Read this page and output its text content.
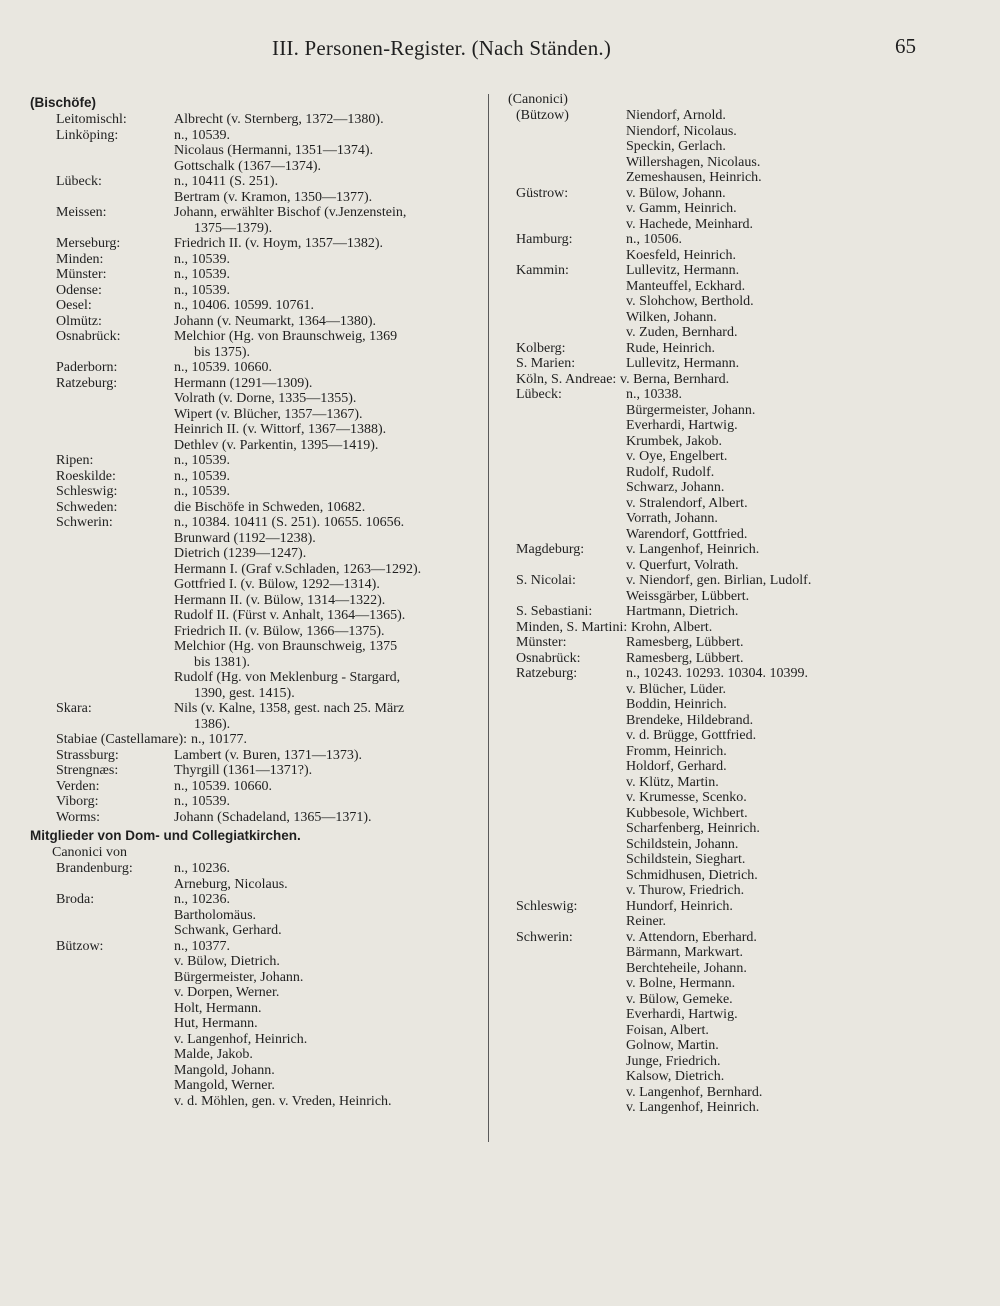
III. Personen-Register. (Nach Ständen.)	65
(Bischöfe)
Leitomischl:	Albrecht (v. Sternberg, 1372—1380).
Linköping:	n., 10539.
Nicolaus (Hermanni, 1351—1374).
Gottschalk (1367—1374).
Lübeck:	n., 10411 (S. 251).
Bertram (v. Kramon, 1350—1377).
Meissen:	Johann, erwählter Bischof (v.Jenzenstein,
1375—1379).
Merseburg:	Friedrich II. (v. Hoym, 1357—1382).
Minden:	n., 10539.
Münster:	n., 10539.
Odense:	n., 10539.
Oesel:	n., 10406. 10599. 10761.
Olmütz:	Johann (v. Neumarkt, 1364—1380).
Osnabrück:	Melchior (Hg. von Braunschweig, 1369
bis 1375).
Paderborn:	n., 10539. 10660.
Ratzeburg:	Hermann (1291—1309).
Volrath (v. Dorne, 1335—1355).
Wipert (v. Blücher, 1357—1367).
Heinrich II. (v. Wittorf, 1367—1388).
Dethlev (v. Parkentin, 1395—1419).
Ripen:	n., 10539.
Roeskilde:	n., 10539.
Schleswig:	n., 10539.
Schweden:	die Bischöfe in Schweden, 10682.
Schwerin:	n., 10384. 10411 (S. 251). 10655. 10656.
Brunward (1192—1238).
Dietrich (1239—1247).
Hermann I. (Graf v.Schladen, 1263—1292).
Gottfried I. (v. Bülow, 1292—1314).
Hermann II. (v. Bülow, 1314—1322).
Rudolf II. (Fürst v. Anhalt, 1364—1365).
Friedrich II. (v. Bülow, 1366—1375).
Melchior (Hg. von Braunschweig, 1375
bis 1381).
Rudolf (Hg. von Meklenburg - Stargard,
1390, gest. 1415).
Skara:	Nils (v. Kalne, 1358, gest. nach 25. März
1386).
Stabiae (Castellamare): n., 10177.
Strassburg:	Lambert (v. Buren, 1371—1373).
Strengnæs:	Thyrgill (1361—1371?).
Verden:	n., 10539. 10660.
Viborg:	n., 10539.
Worms:	Johann (Schadeland, 1365—1371).
Mitglieder von Dom- und Collegiatkirchen.
Canonici von
Brandenburg:	n., 10236.
Arneburg, Nicolaus.
Broda:	n., 10236.
Bartholomäus.
Schwank, Gerhard.
Bützow:	n., 10377.
v. Bülow, Dietrich.
Bürgermeister, Johann.
v. Dorpen, Werner.
Holt, Hermann.
Hut, Hermann.
v. Langenhof, Heinrich.
Malde, Jakob.
Mangold, Johann.
Mangold, Werner.
v. d. Möhlen, gen. v. Vreden, Heinrich.
(Canonici)
(Bützow)	Niendorf, Arnold.
Niendorf, Nicolaus.
Speckin, Gerlach.
Willershagen, Nicolaus.
Zemeshausen, Heinrich.
Güstrow:	v. Bülow, Johann.
v. Gamm, Heinrich.
v. Hachede, Meinhard.
Hamburg:	n., 10506.
Koesfeld, Heinrich.
Kammin:	Lullevitz, Hermann.
Manteuffel, Eckhard.
v. Slohchow, Berthold.
Wilken, Johann.
v. Zuden, Bernhard.
Kolberg:	Rude, Heinrich.
S. Marien:	Lullevitz, Hermann.
Köln, S. Andreae: v. Berna, Bernhard.
Lübeck:	n., 10338.
Bürgermeister, Johann.
Everhardi, Hartwig.
Krumbek, Jakob.
v. Oye, Engelbert.
Rudolf, Rudolf.
Schwarz, Johann.
v. Stralendorf, Albert.
Vorrath, Johann.
Warendorf, Gottfried.
Magdeburg:	v. Langenhof, Heinrich.
v. Querfurt, Volrath.
S. Nicolai:	v. Niendorf, gen. Birlian, Ludolf.
Weissgärber, Lübbert.
S. Sebastiani: Hartmann, Dietrich.
Minden, S. Martini: Krohn, Albert.
Münster:	Ramesberg, Lübbert.
Osnabrück:	Ramesberg, Lübbert.
Ratzeburg:	n., 10243. 10293. 10304. 10399.
v. Blücher, Lüder.
Boddin, Heinrich.
Brendeke, Hildebrand.
v. d. Brügge, Gottfried.
Fromm, Heinrich.
Holdorf, Gerhard.
v. Klütz, Martin.
v. Krumesse, Scenko.
Kubbesole, Wichbert.
Scharfenberg, Heinrich.
Schildstein, Johann.
Schildstein, Sieghart.
Schmidhusen, Dietrich.
v. Thurow, Friedrich.
Schleswig:	Hundorf, Heinrich.
Reiner.
Schwerin:	v. Attendorn, Eberhard.
Bärmann, Markwart.
Berchteheile, Johann.
v. Bolne, Hermann.
v. Bülow, Gemeke.
Everhardi, Hartwig.
Foisan, Albert.
Golnow, Martin.
Junge, Friedrich.
Kalsow, Dietrich.
v. Langenhof, Bernhard.
v. Langenhof, Heinrich.
